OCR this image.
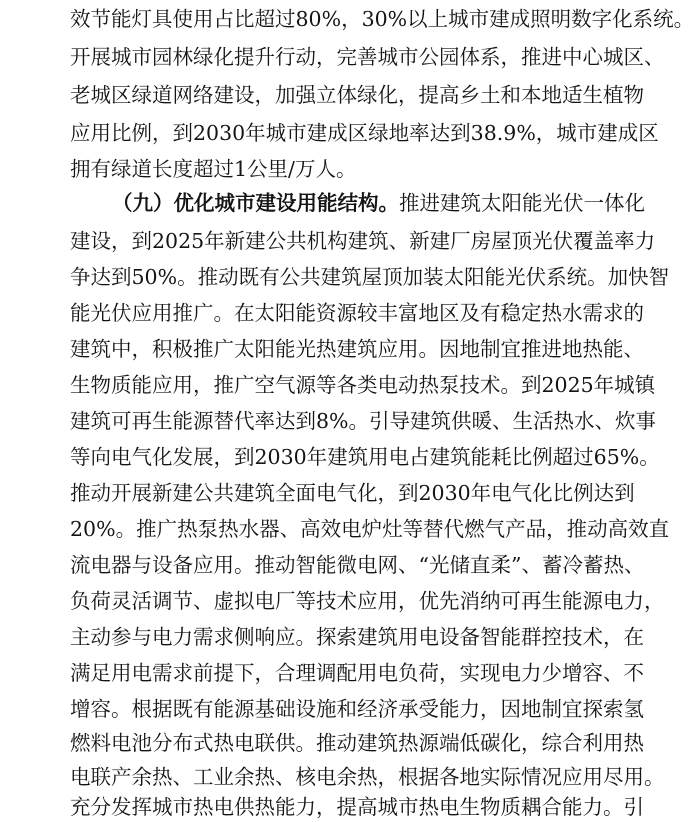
效节能灯具使用占比超过80%，30%以上城市建成照明数字化系统。
开展城市园林绿化提升行动，完善城市公园体系，推进中心城区、
老城区绿道网络建设，加强立体绿化，提高乡土和本地适生植物
应用比例，到2030年城市建成区绿地率达到38.9%，城市建成区
拥有绿道长度超过1公里/万人。
（九）优化城市建设用能结构。推进建筑太阳能光伏一体化
建设，到2025年新建公共机构建筑、新建厂房屋顶光伏覆盖率力
争达到50%。推动既有公共建筑屋顶加装太阳能光伏系统。加快智
能光伏应用推广。在太阳能资源较丰富地区及有稳定热水需求的
建筑中，积极推广太阳能光热建筑应用。因地制宜推进地热能、
生物质能应用，推广空气源等各类电动热泵技术。到2025年城镇
建筑可再生能源替代率达到8%。引导建筑供暖、生活热水、炊事
等向电气化发展，到2030年建筑用电占建筑能耗比例超过65%。
推动开展新建公共建筑全面电气化，到2030年电气化比例达到
20%。推广热泵热水器、高效电炉灶等替代燃气产品，推动高效直
流电器与设备应用。推动智能微电网、“光储直柔”、蓄冷蓄热、
负荷灵活调节、虚拟电厂等技术应用，优先消纳可再生能源电力，
主动参与电力需求侧响应。探索建筑用电设备智能群控技术，在
满足用电需求前提下，合理调配用电负荷，实现电力少增容、不
增容。根据既有能源基础设施和经济承受能力，因地制宜探索氢
燃料电池分布式热电联供。推动建筑热源端低碳化，综合利用热
电联产余热、工业余热、核电余热，根据各地实际情况应用尽用。
充分发挥城市热电供热能力，提高城市热电生物质耦合能力。引
